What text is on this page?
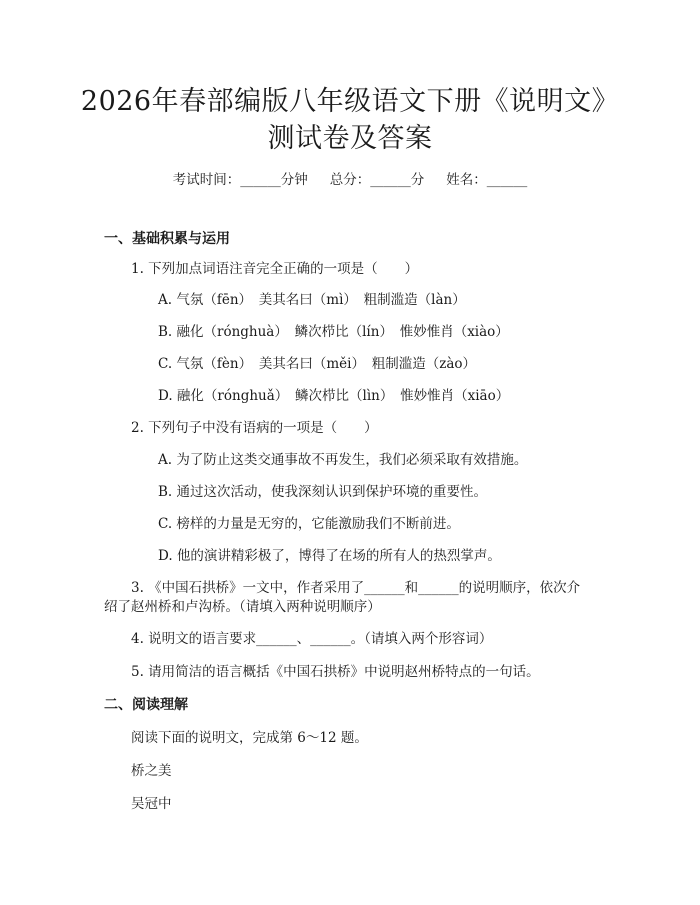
2026年春部编版八年级语文下册《说明文》
测试卷及答案
考试时间：______分钟 总分：______分 姓名：______
一、基础积累与运用
1. 下列加点词语注音完全正确的一项是（　　）
A. 气氛（fēn）　美其名曰（mì）　粗制滥造（làn）
B. 融化（rónghuà）　鳞次栉比（lín）　惟妙惟肖（xiào）
C. 气氛（fèn）　美其名曰（měi）　粗制滥造（zào）
D. 融化（rónghuǎ）　鳞次栉比（lìn）　惟妙惟肖（xiāo）
2. 下列句子中没有语病的一项是（　　）
A. 为了防止这类交通事故不再发生，我们必须采取有效措施。
B. 通过这次活动，使我深刻认识到保护环境的重要性。
C. 榜样的力量是无穷的，它能激励我们不断前进。
D. 他的演讲精彩极了，博得了在场的所有人的热烈掌声。
3. 《中国石拱桥》一文中，作者采用了______和______的说明顺序，依次介
绍了赵州桥和卢沟桥。（请填入两种说明顺序）
4. 说明文的语言要求______、______。（请填入两个形容词）
5. 请用简洁的语言概括《中国石拱桥》中说明赵州桥特点的一句话。
二、阅读理解
阅读下面的说明文，完成第 6～12 题。
桥之美
吴冠中
